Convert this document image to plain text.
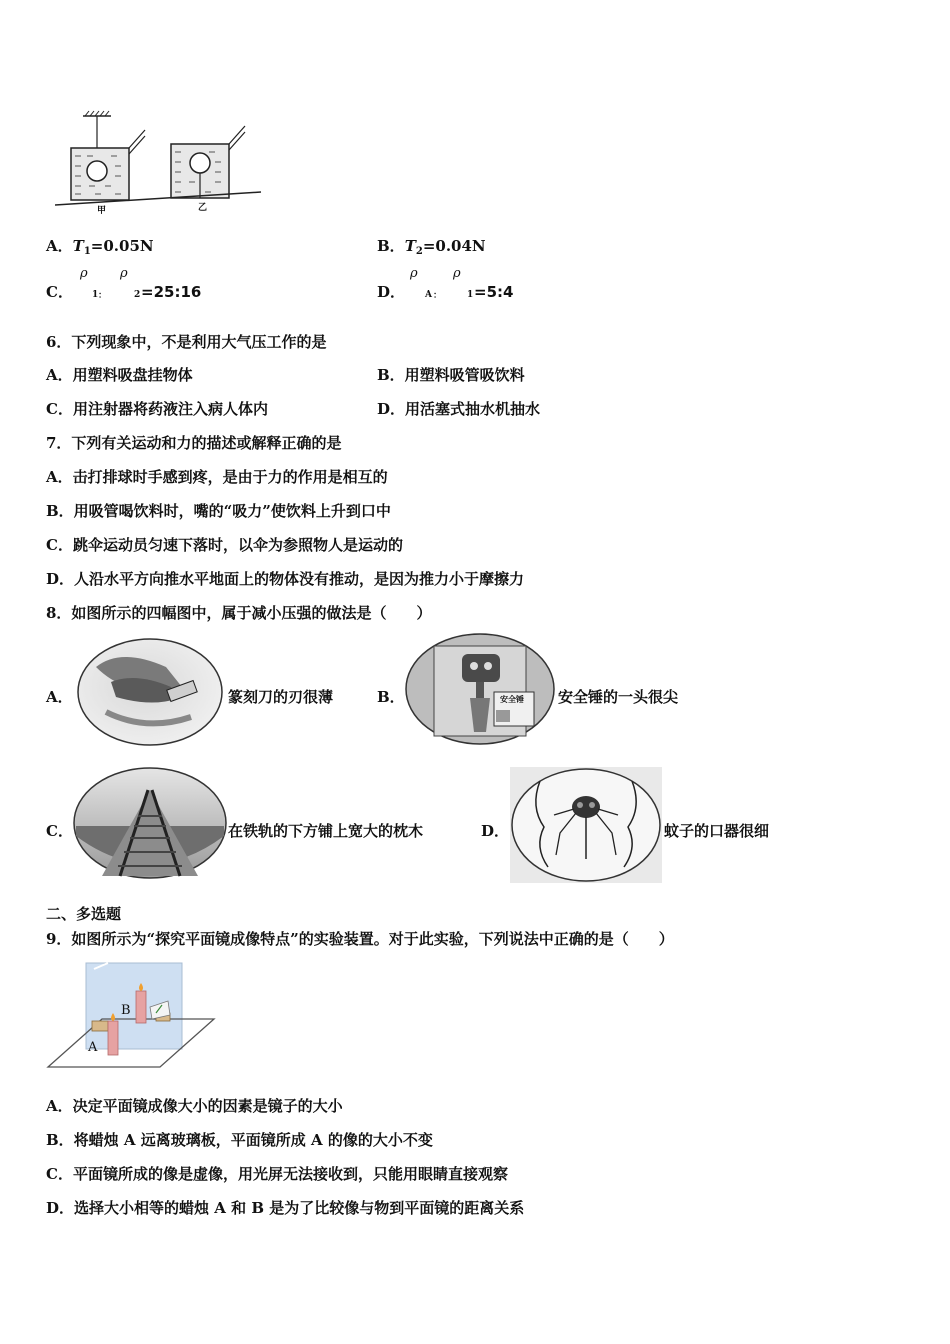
甲	乙
A．$T_1=0.05N$	B．$T_2=0.04N$
C．
ρ
1 ：
ρ
2 =25:16	D．
ρ
A ：
ρ
1 =5:4
6．下列现象中，不是利用大气压工作的是
A．用塑料吸盘挂物体	B．用塑料吸管吸饮料
C．用注射器将药液注入病人体内	D．用活塞式抽水机抽水
7．下列有关运动和力的描述或解释正确的是
A．击打排球时手感到疼，是由于力的作用是相互的
B．用吸管喝饮料时，嘴的“吸力”使饮料上升到口中
C．跳伞运动员匀速下落时，以伞为参照物人是运动的
D．人沿水平方向推水平地面上的物体没有推动，是因为推力小于摩擦力
8．如图所示的四幅图中，属于减小压强的做法是（　　）
A．	篆刻刀的刃很薄	B．	安全锤 安全锤的一头很尖
C．	在铁轨的下方铺上宽大的枕木	D．	蚊子的口器很细
二、多选题
9．如图所示为“探究平面镜成像特点”的实验装置。对于此实验，下列说法中正确的是（　　）
A
B
A．决定平面镜成像大小的因素是镜子的大小
B．将蜡烛 A 远离玻璃板，平面镜所成 A 的像的大小不变
C．平面镜所成的像是虚像，用光屏无法接收到，只能用眼睛直接观察
D．选择大小相等的蜡烛 A 和 B 是为了比较像与物到平面镜的距离关系
